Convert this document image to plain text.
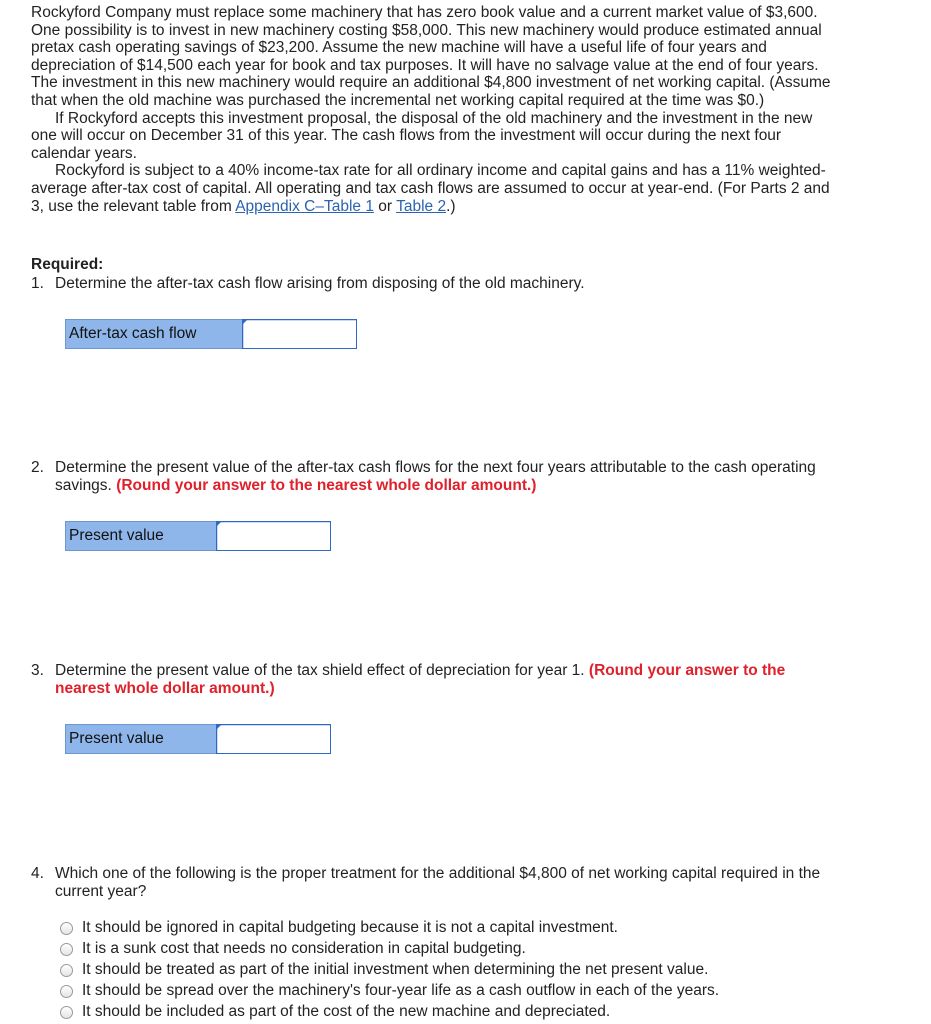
Rockyford Company must replace some machinery that has zero book value and a current market value of $3,600. One possibility is to invest in new machinery costing $58,000. This new machinery would produce estimated annual pretax cash operating savings of $23,200. Assume the new machine will have a useful life of four years and depreciation of $14,500 each year for book and tax purposes. It will have no salvage value at the end of four years. The investment in this new machinery would require an additional $4,800 investment of net working capital. (Assume that when the old machine was purchased the incremental net working capital required at the time was $0.)

If Rockyford accepts this investment proposal, the disposal of the old machinery and the investment in the new one will occur on December 31 of this year. The cash flows from the investment will occur during the next four calendar years.

Rockyford is subject to a 40% income-tax rate for all ordinary income and capital gains and has a 11% weighted-average after-tax cost of capital. All operating and tax cash flows are assumed to occur at year-end. (For Parts 2 and 3, use the relevant table from Appendix C–Table 1 or Table 2.)

Required:
1. Determine the after-tax cash flow arising from disposing of the old machinery.
After-tax cash flow
2. Determine the present value of the after-tax cash flows for the next four years attributable to the cash operating savings. (Round your answer to the nearest whole dollar amount.)
Present value
3. Determine the present value of the tax shield effect of depreciation for year 1. (Round your answer to the nearest whole dollar amount.)
Present value
4. Which one of the following is the proper treatment for the additional $4,800 of net working capital required in the current year?
It should be ignored in capital budgeting because it is not a capital investment.
It is a sunk cost that needs no consideration in capital budgeting.
It should be treated as part of the initial investment when determining the net present value.
It should be spread over the machinery's four-year life as a cash outflow in each of the years.
It should be included as part of the cost of the new machine and depreciated.
